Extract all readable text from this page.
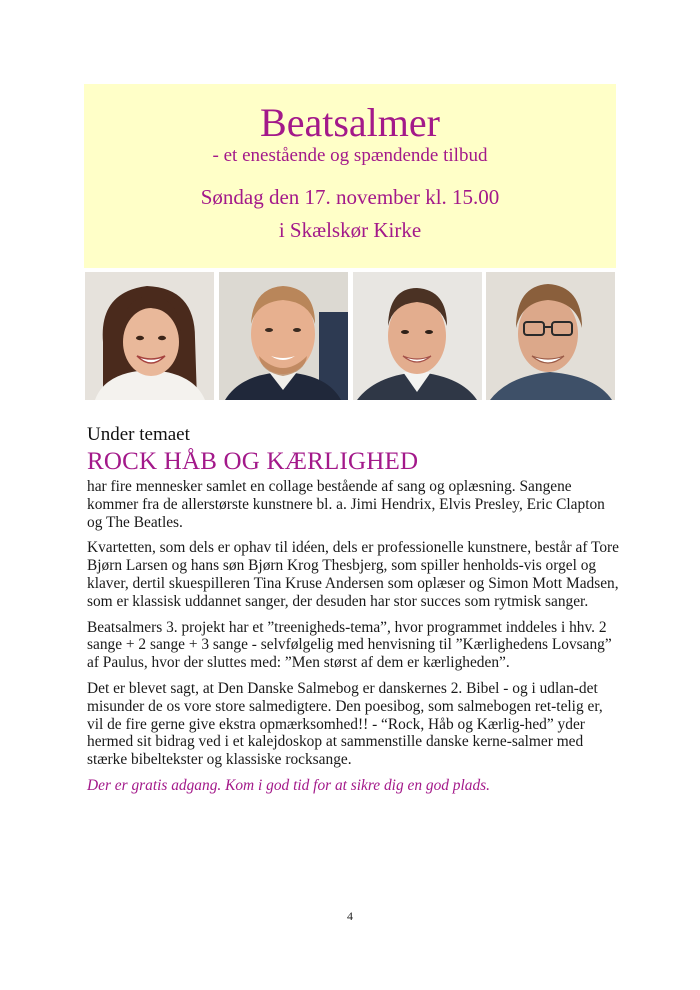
Beatsalmer
- et enestående og spændende tilbud
Søndag den 17. november kl. 15.00
i Skælskør Kirke
Under temaet
ROCK HÅB OG KÆRLIGHED

har fire mennesker samlet en collage bestående af sang og oplæsning. Sangene kommer fra de allerstørste kunstnere bl. a. Jimi Hendrix, Elvis Presley, Eric Clapton og The Beatles.

Kvartetten, som dels er ophav til idéen, dels er professionelle kunstnere, består af Tore Bjørn Larsen og hans søn Bjørn Krog Thesbjerg, som spiller henholds-vis orgel og klaver, dertil skuespilleren Tina Kruse Andersen som oplæser og Simon Mott Madsen, som er klassisk uddannet sanger, der desuden har stor succes som rytmisk sanger.

Beatsalmers 3. projekt har et ”treenigheds-tema”, hvor programmet inddeles i hhv. 2 sange + 2 sange + 3 sange - selvfølgelig med henvisning til ”Kærlighedens Lovsang” af Paulus, hvor der sluttes med: ”Men størst af dem er kærligheden”.

Det er blevet sagt, at Den Danske Salmebog er danskernes 2. Bibel - og i udlan-det misunder de os vore store salmedigtere. Den poesibog, som salmebogen ret-telig er, vil de fire gerne give ekstra opmærksomhed!! - “Rock, Håb og Kærlig-hed” yder hermed sit bidrag ved i et kalejdoskop at sammenstille danske kerne-salmer med stærke bibeltekster og klassiske rocksange.

Der er gratis adgang. Kom i god tid for at sikre dig en god plads.
4
